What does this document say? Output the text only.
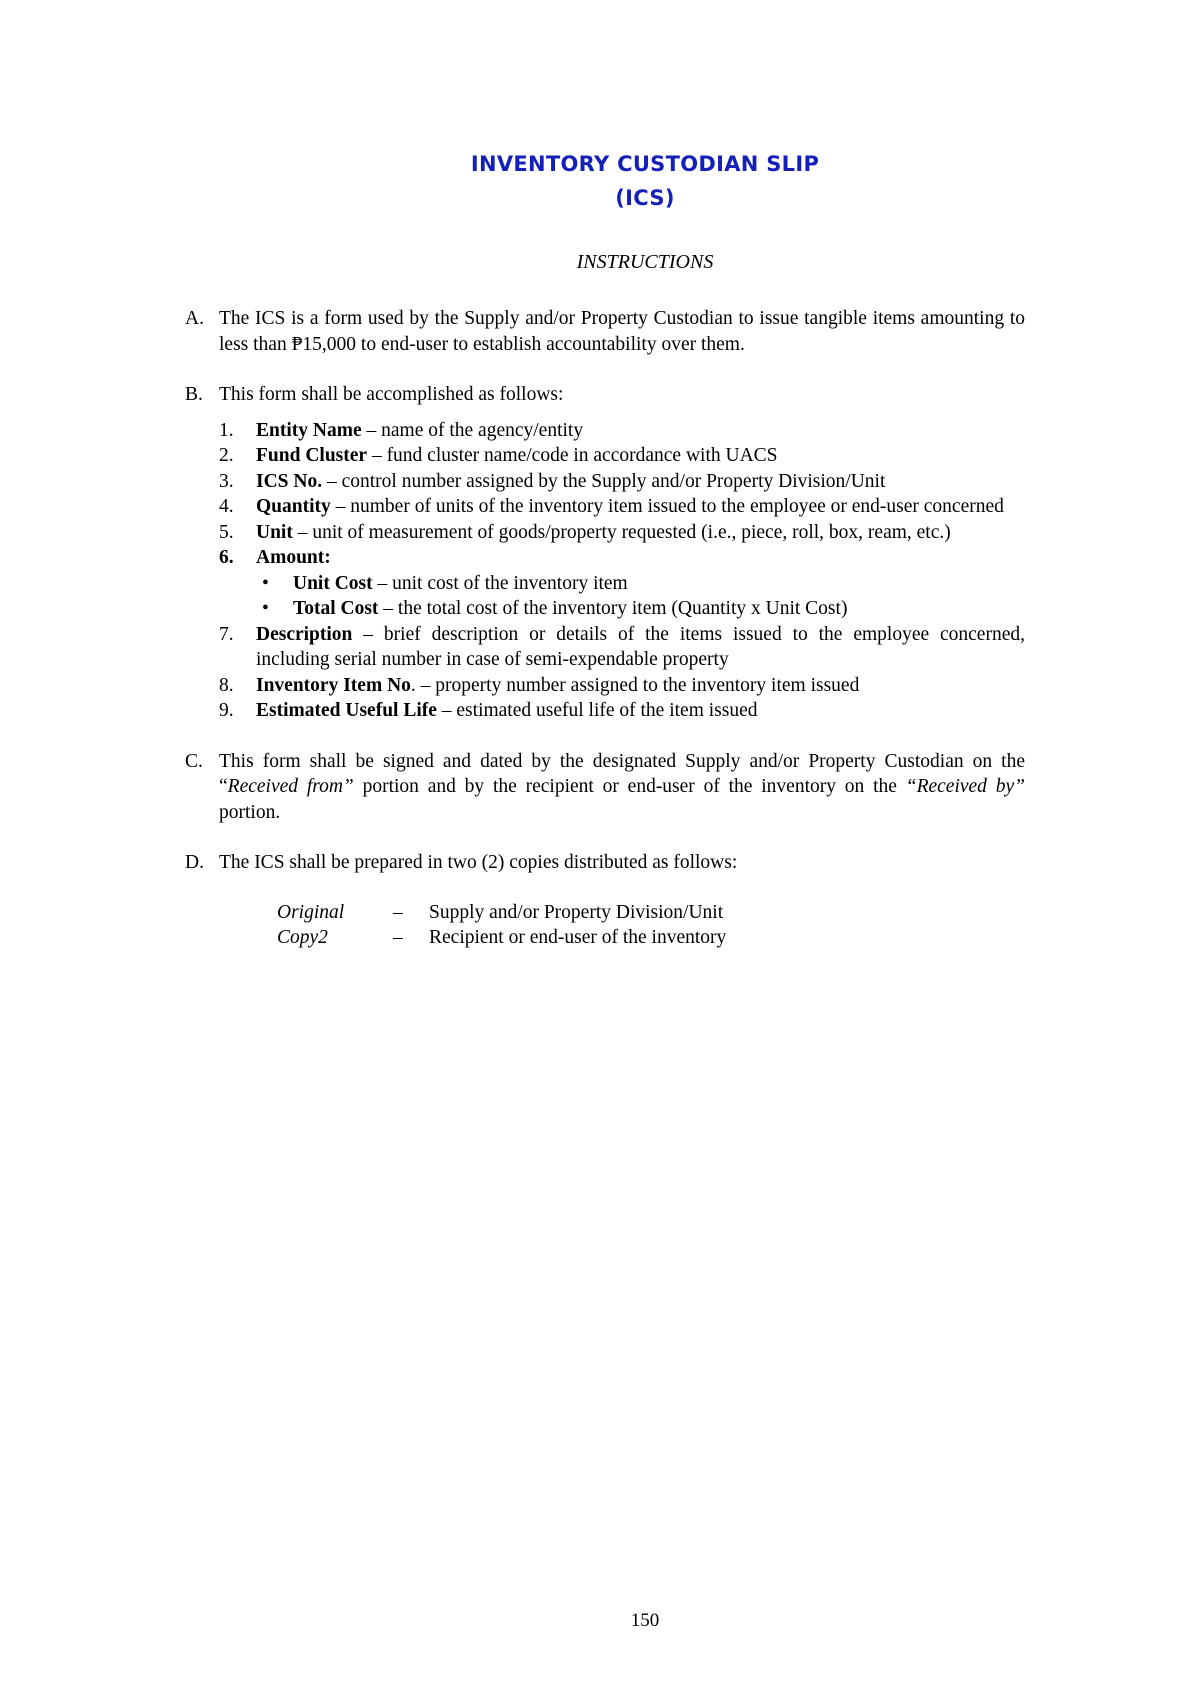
INVENTORY CUSTODIAN SLIP
(ICS)

INSTRUCTIONS

A. The ICS is a form used by the Supply and/or Property Custodian to issue tangible items amounting to less than ₱15,000 to end-user to establish accountability over them.
B. This form shall be accomplished as follows:
1. Entity Name – name of the agency/entity
2. Fund Cluster – fund cluster name/code in accordance with UACS
3. ICS No. – control number assigned by the Supply and/or Property Division/Unit
4. Quantity – number of units of the inventory item issued to the employee or end-user concerned
5. Unit – unit of measurement of goods/property requested (i.e., piece, roll, box, ream, etc.)
6. Amount:
• Unit Cost – unit cost of the inventory item
• Total Cost – the total cost of the inventory item (Quantity x Unit Cost)
7. Description – brief description or details of the items issued to the employee concerned, including serial number in case of semi-expendable property
8. Inventory Item No. – property number assigned to the inventory item issued
9. Estimated Useful Life – estimated useful life of the item issued
C. This form shall be signed and dated by the designated Supply and/or Property Custodian on the “Received from” portion and by the recipient or end-user of the inventory on the “Received by” portion.
D. The ICS shall be prepared in two (2) copies distributed as follows:
Original	–	Supply and/or Property Division/Unit
Copy2	–	Recipient or end-user of the inventory
150
